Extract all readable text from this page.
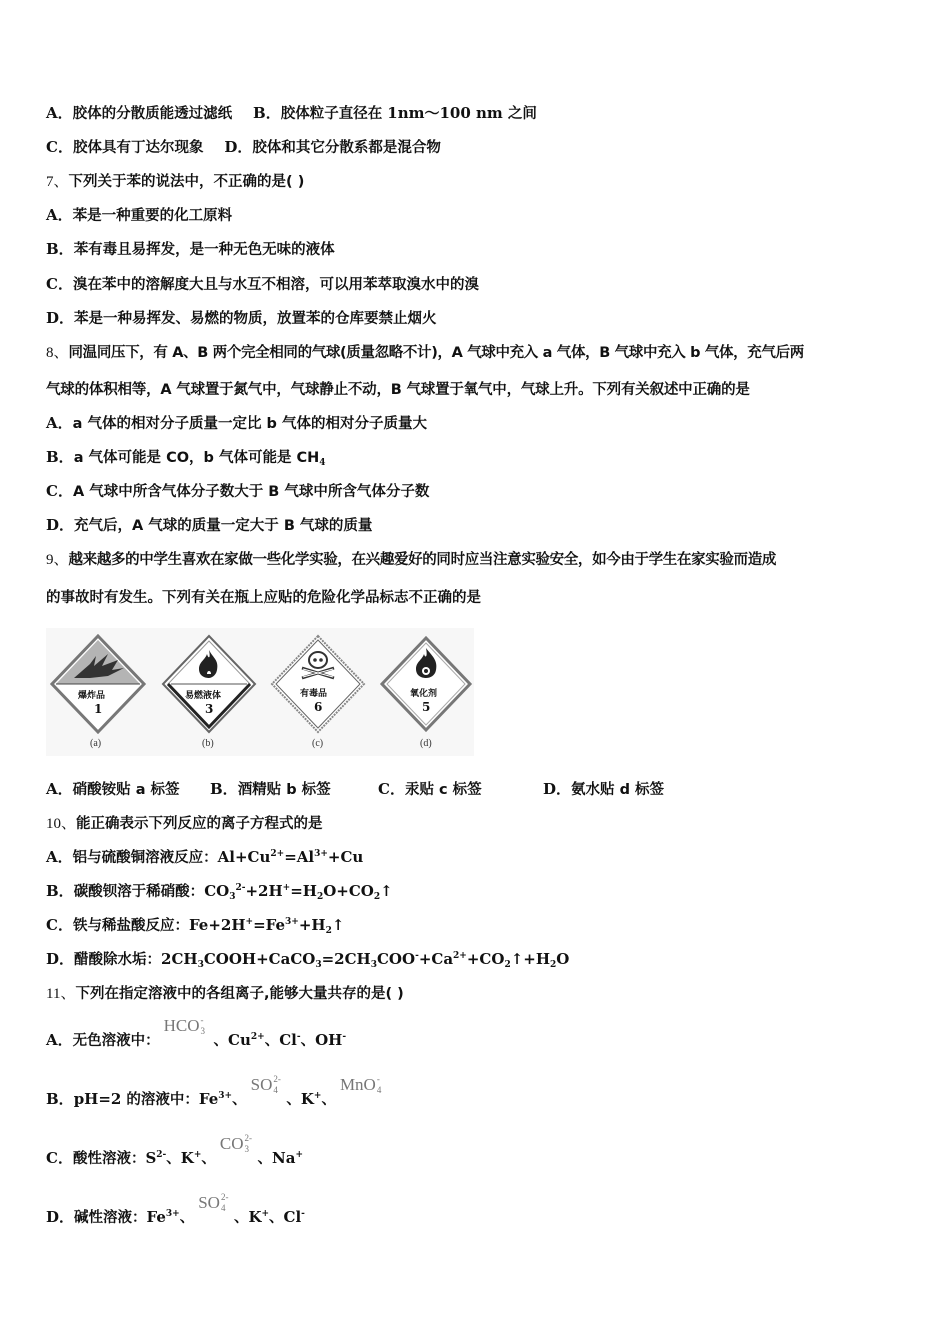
A．胶体的分散质能透过滤纸 B．胶体粒子直径在 1nm～100 nm 之间
C．胶体具有丁达尔现象 D．胶体和其它分散系都是混合物
7、下列关于苯的说法中，不正确的是( )
A．苯是一种重要的化工原料
B．苯有毒且易挥发，是一种无色无味的液体
C．溴在苯中的溶解度大且与水互不相溶，可以用苯萃取溴水中的溴
D．苯是一种易挥发、易燃的物质，放置苯的仓库要禁止烟火
8、同温同压下，有 A、B 两个完全相同的气球(质量忽略不计)，A 气球中充入 a 气体，B 气球中充入 b 气体，充气后两
气球的体积相等，A 气球置于氮气中，气球静止不动，B 气球置于氧气中，气球上升。下列有关叙述中正确的是
A．a 气体的相对分子质量一定比 b 气体的相对分子质量大
B．a 气体可能是 CO，b 气体可能是 $CH_4$
C．A 气球中所含气体分子数大于 B 气球中所含气体分子数
D．充气后，A 气球的质量一定大于 B 气球的质量
9、越来越多的中学生喜欢在家做一些化学实验，在兴趣爱好的同时应当注意实验安全，如今由于学生在家实验而造成
的事故时有发生。下列有关在瓶上应贴的危险化学品标志不正确的是
爆炸品
1
(a)
易燃液体
3
(b)
有毒品
6
(c)
氧化剂
5
(d)
A．硝酸铵贴 a 标签 B．酒精贴 b 标签	C．汞贴 c 标签	D．氨水贴 d 标签
10、能正确表示下列反应的离子方程式的是
A．铝与硫酸铜溶液反应：$Al+Cu^{2+}=Al^{3+}+Cu$
B．碳酸钡溶于稀硝酸：$CO_3^{2-}+2H^+=H_2O+CO_2↑$
C．铁与稀盐酸反应：$Fe+2H^+=Fe^{3+}+H_2↑$
D．醋酸除水垢：$2CH_3COOH+CaCO_3=2CH_3COO^-+Ca^{2+}+CO_2↑+H_2O$
11、下列在指定溶液中的各组离子,能够大量共存的是( )
A．无色溶液中：HCO -
3
、$Cu^{2+}$、Cl-、OH-
B．pH=2 的溶液中：$Fe^{3+}$、SO 2-
4
、K+、MnO -
4
C．酸性溶液：$S^{2-}$、K+、CO 2-
3
、Na+
D．碱性溶液：$Fe^{3+}$、SO 2-
4
、K+、Cl-
